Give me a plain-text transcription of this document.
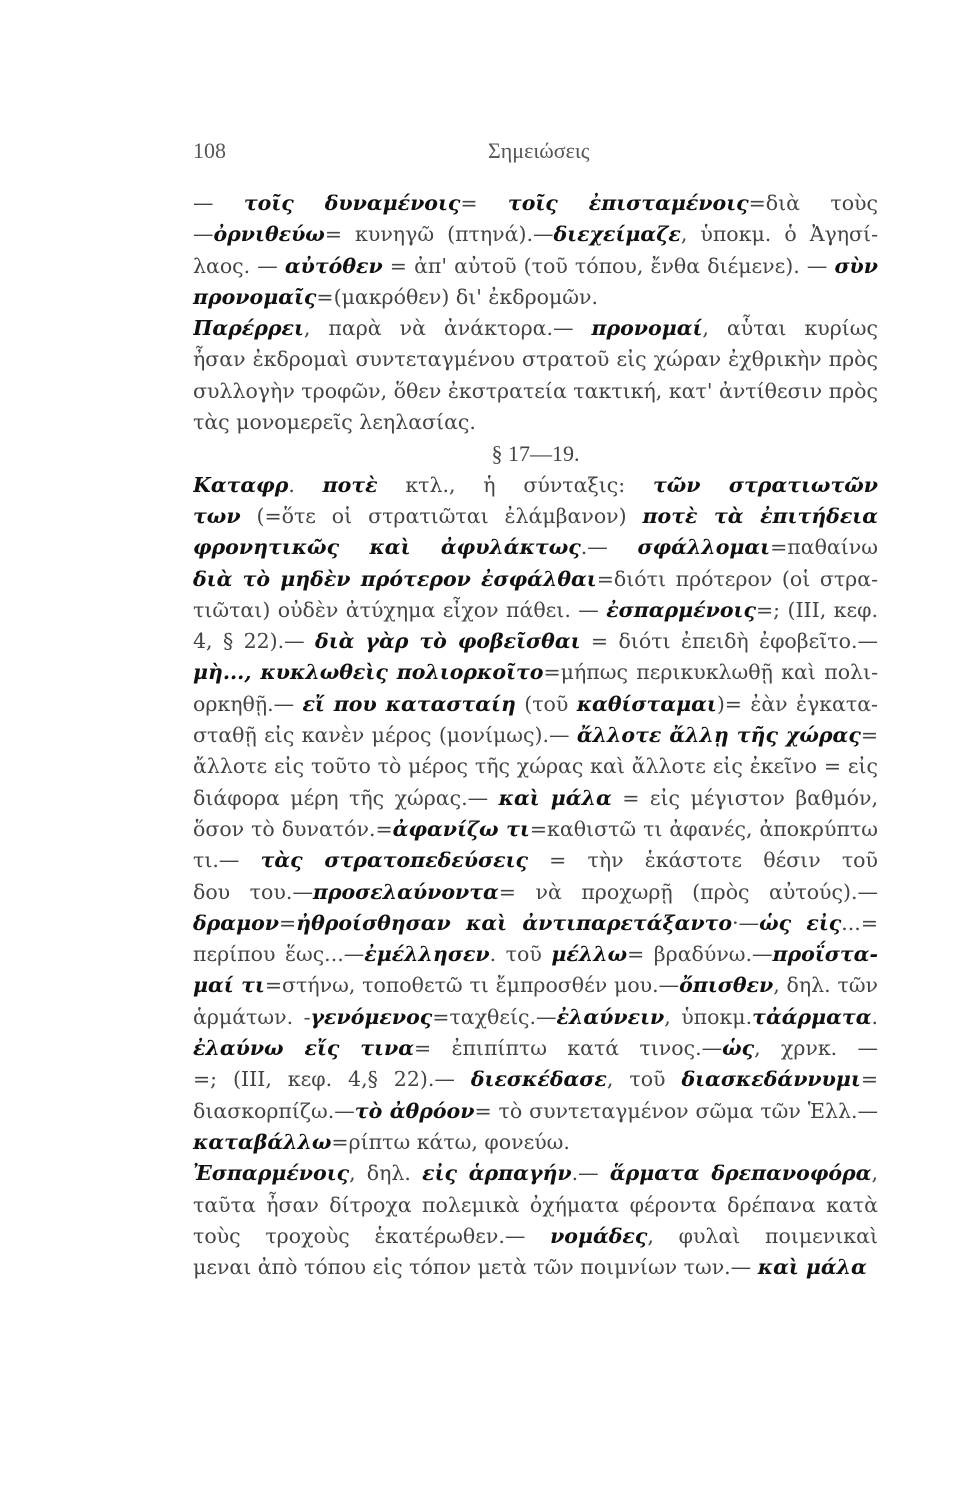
108	Σημειώσεις
— τοῖς δυναμένοις= τοῖς ἐπισταμένοις=διὰ τοὺς
—ὀρνιθεύω= κυνηγῶ (πτηνά).—διεχείμαζε, ὑποκμ. ὁ Ἀγησί-
λαος. — αὐτόθεν = ἀπ' αὐτοῦ (τοῦ τόπου, ἔνθα διέμενε). — σὺν
προνομαῖς=(μακρόθεν) δι' ἐκδρομῶν.
Παρέρρει, παρὰ νὰ ἀνάκτορα.— προνομαί, αὗται κυρίως
ἦσαν ἐκδρομαὶ συντεταγμένου στρατοῦ εἰς χώραν ἐχθρικὴν πρὸς
συλλογὴν τροφῶν, ὅθεν ἐκστρατεία τακτική, κατ' ἀντίθεσιν πρὸς
τὰς μονομερεῖς λεηλασίας.
§ 17—19.
Καταφρ. ποτὲ κτλ., ἡ σύνταξις: τῶν στρατιωτῶν
των (=ὅτε οἱ στρατιῶται ἐλάμβανον) ποτὲ τὰ ἐπιτήδεια
φρονητικῶς καὶ ἀφυλάκτως.— σφάλλομαι=παθαίνω
διὰ τὸ μηδὲν πρότερον ἐσφάλθαι=διότι πρότερον (οἱ στρα-
τιῶται) οὐδὲν ἀτύχημα εἶχον πάθει. — ἐσπαρμένοις=; (ΙΙΙ, κεφ.
4, § 22).— διὰ γὰρ τὸ φοβεῖσθαι = διότι ἐπειδὴ ἐφοβεῖτο.—
μὴ..., κυκλωθεὶς πολιορκοῖτο=μήπως περικυκλωθῇ καὶ πολι-
ορκηθῇ.— εἴ που κατασταίη (τοῦ καθίσταμαι)= ἐὰν ἐγκατα-
σταθῇ εἰς κανὲν μέρος (μονίμως).— ἄλλοτε ἄλλῃ τῆς χώρας=
ἄλλοτε εἰς τοῦτο τὸ μέρος τῆς χώρας καὶ ἄλλοτε εἰς ἐκεῖνο = εἰς
διάφορα μέρη τῆς χώρας.— καὶ μάλα = εἰς μέγιστον βαθμόν,
ὅσον τὸ δυνατόν.=ἀφανίζω τι=καθιστῶ τι ἀφανές, ἀποκρύπτω
τι.— τὰς στρατοπεδεύσεις = τὴν ἑκάστοτε θέσιν τοῦ
δου του.—προσελαύνοντα= νὰ προχωρῇ (πρὸς αὐτούς).—
δραμον=ἠθροίσθησαν καὶ ἀντιπαρετάξαντο·—ὡς εἰς...=
περίπου ἕως...—ἐμέλλησεν. τοῦ μέλλω= βραδύνω.—προΐστα-
μαί τι=στήνω, τοποθετῶ τι ἔμπροσθέν μου.—ὄπισθεν, δηλ. τῶν
ἁρμάτων. -γενόμενος=ταχθείς.—ἐλαύνειν, ὑποκμ.τἀάρματα.
ἐλαύνω εἴς τινα= ἐπιπίπτω κατά τινος.—ὡς, χρνκ. —
=; (ΙΙΙ, κεφ. 4,§ 22).— διεσκέδασε, τοῦ διασκεδάννυμι=
διασκορπίζω.—τὸ ἀθρόον= τὸ συντεταγμένον σῶμα τῶν Ἑλλ.—
καταβάλλω=ρίπτω κάτω, φονεύω.
Ἐσπαρμένοις, δηλ. εἰς ἁρπαγήν.— ἅρματα δρεπανοφόρα,
ταῦτα ἦσαν δίτροχα πολεμικὰ ὀχήματα φέροντα δρέπανα κατὰ
τοὺς τροχοὺς ἑκατέρωθεν.— νομάδες, φυλαὶ ποιμενικαὶ
μεναι ἀπὸ τόπου εἰς τόπον μετὰ τῶν ποιμνίων των.— καὶ μάλα
